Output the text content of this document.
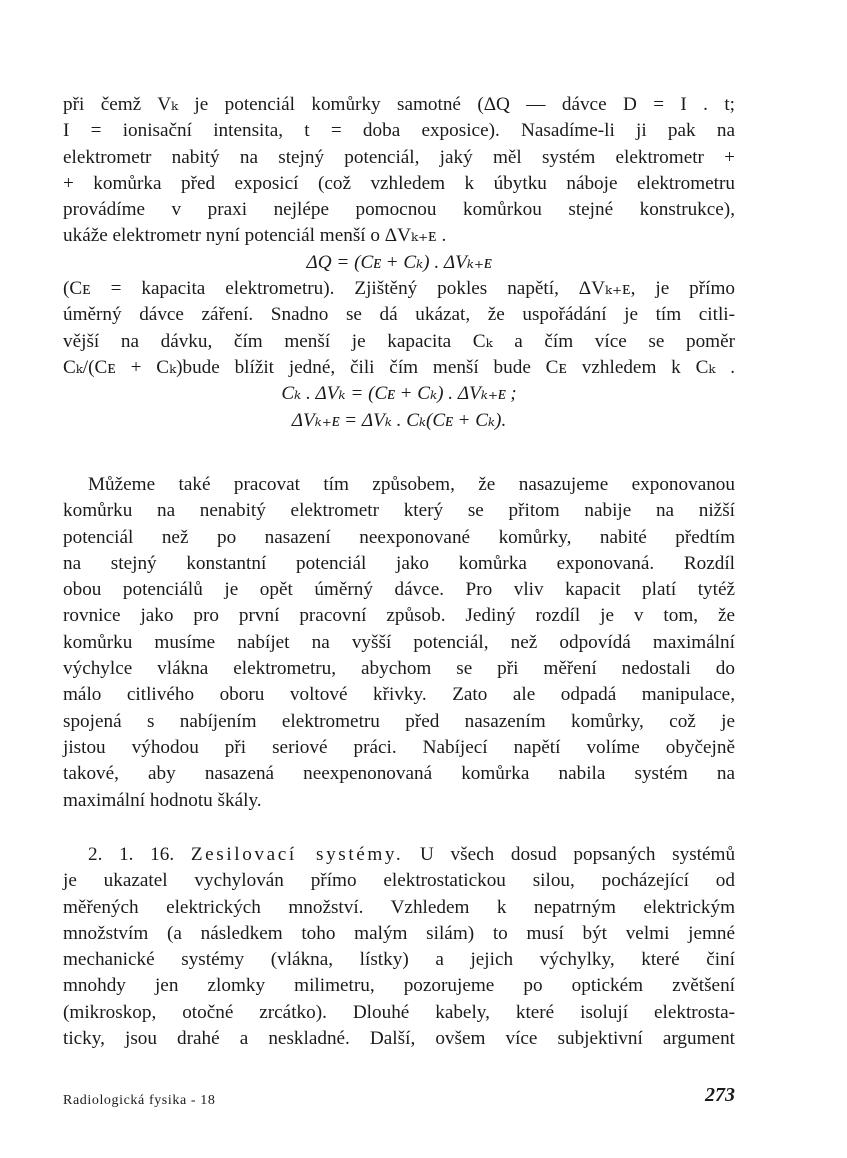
při čemž Vₖ je potenciál komůrky samotné (ΔQ — dávce D = I . t;

I = ionisační intensita, t = doba exposice). Nasadíme-li ji pak na

elektrometr nabitý na stejný potenciál, jaký měl systém elektrometr +

+ komůrka před exposicí (což vzhledem k úbytku náboje elektrometru

provádíme v praxi nejlépe pomocnou komůrkou stejné konstrukce),

ukáže elektrometr nyní potenciál menší o ΔVₖ₊ᴇ .

ΔQ = (Cᴇ + Cₖ) . ΔVₖ₊ᴇ

(Cᴇ = kapacita elektrometru). Zjištěný pokles napětí, ΔVₖ₊ᴇ, je přímo

úměrný dávce záření. Snadno se dá ukázat, že uspořádání je tím citli-

vější na dávku, čím menší je kapacita Cₖ a čím více se poměr

Cₖ/(Cᴇ + Cₖ)bude blížit jedné, čili čím menší bude Cᴇ vzhledem k Cₖ .

Cₖ . ΔVₖ = (Cᴇ + Cₖ) . ΔVₖ₊ᴇ ;

ΔVₖ₊ᴇ = ΔVₖ . Cₖ(Cᴇ + Cₖ).

Můžeme také pracovat tím způsobem, že nasazujeme exponovanou

komůrku na nenabitý elektrometr který se přitom nabije na nižší

potenciál než po nasazení neexponované komůrky, nabité předtím

na stejný konstantní potenciál jako komůrka exponovaná. Rozdíl

obou potenciálů je opět úměrný dávce. Pro vliv kapacit platí tytéž

rovnice jako pro první pracovní způsob. Jediný rozdíl je v tom, že

komůrku musíme nabíjet na vyšší potenciál, než odpovídá maximální

výchylce vlákna elektrometru, abychom se při měření nedostali do

málo citlivého oboru voltové křivky. Zato ale odpadá manipulace,

spojená s nabíjením elektrometru před nasazením komůrky, což je

jistou výhodou při seriové práci. Nabíjecí napětí volíme obyčejně

takové, aby nasazená neexpenonovaná komůrka nabila systém na

maximální hodnotu škály.

2. 1. 16. Zesilovací systémy. U všech dosud popsaných systémů

je ukazatel vychylován přímo elektrostatickou silou, pocházející od

měřených elektrických množství. Vzhledem k nepatrným elektrickým

množstvím (a následkem toho malým silám) to musí být velmi jemné

mechanické systémy (vlákna, lístky) a jejich výchylky, které činí

mnohdy jen zlomky milimetru, pozorujeme po optickém zvětšení

(mikroskop, otočné zrcátko). Dlouhé kabely, které isolují elektrosta-

ticky, jsou drahé a neskladné. Další, ovšem více subjektivní argument

Radiologická fysika - 18	273
